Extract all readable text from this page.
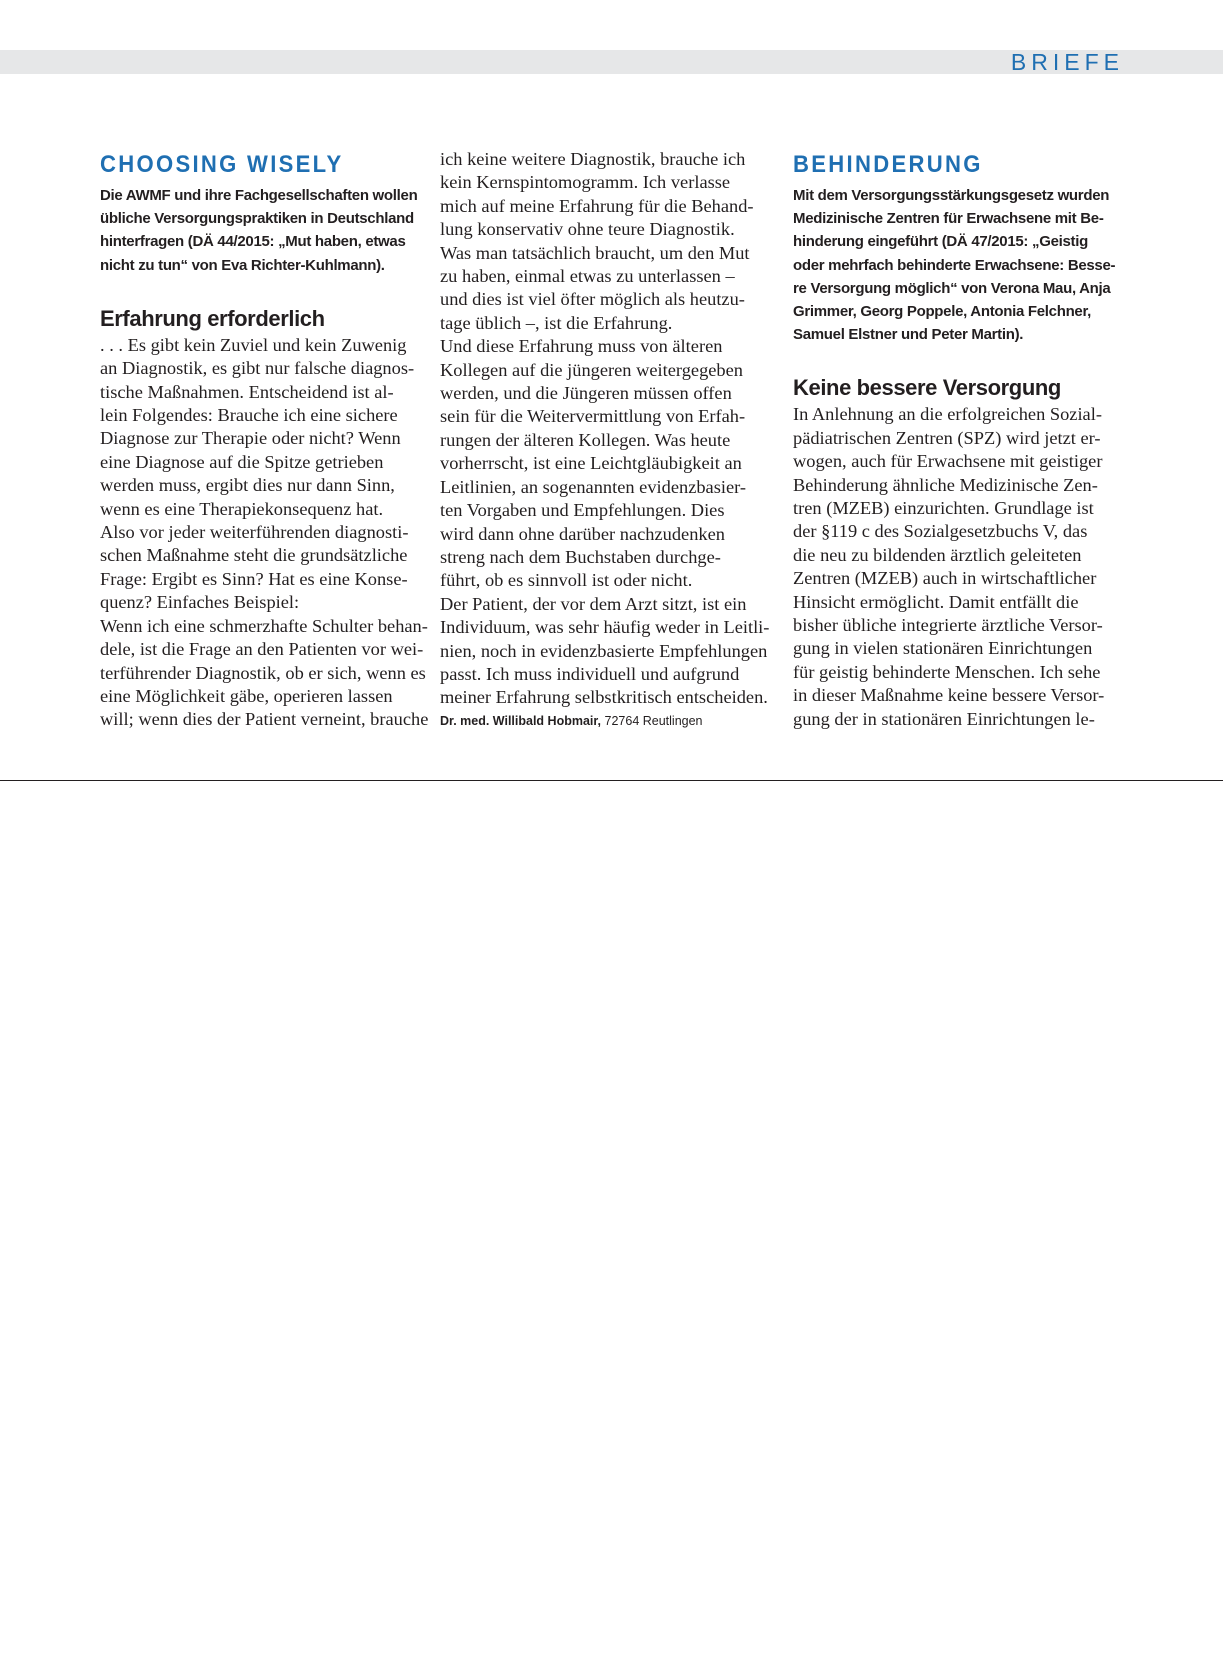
BRIEFE
CHOOSING WISELY
Die AWMF und ihre Fachgesellschaften wollen
übliche Versorgungspraktiken in Deutschland
hinterfragen (DÄ 44/2015: „Mut haben, etwas
nicht zu tun“ von Eva Richter-Kuhlmann).
Erfahrung erforderlich
. . . Es gibt kein Zuviel und kein Zuwenig
an Diagnostik, es gibt nur falsche diagnos-
tische Maßnahmen. Entscheidend ist al-
lein Folgendes: Brauche ich eine sichere
Diagnose zur Therapie oder nicht? Wenn
eine Diagnose auf die Spitze getrieben
werden muss, ergibt dies nur dann Sinn,
wenn es eine Therapiekonsequenz hat.
Also vor jeder weiterführenden diagnosti-
schen Maßnahme steht die grundsätzliche
Frage: Ergibt es Sinn? Hat es eine Konse-
quenz? Einfaches Beispiel:
Wenn ich eine schmerzhafte Schulter behan-
dele, ist die Frage an den Patienten vor wei-
terführender Diagnostik, ob er sich, wenn es
eine Möglichkeit gäbe, operieren lassen
will; wenn dies der Patient verneint, brauche
ich keine weitere Diagnostik, brauche ich
kein Kernspintomogramm. Ich verlasse
mich auf meine Erfahrung für die Behand-
lung konservativ ohne teure Diagnostik.
Was man tatsächlich braucht, um den Mut
zu haben, einmal etwas zu unterlassen –
und dies ist viel öfter möglich als heutzu-
tage üblich –, ist die Erfahrung.
Und diese Erfahrung muss von älteren
Kollegen auf die jüngeren weitergegeben
werden, und die Jüngeren müssen offen
sein für die Weitervermittlung von Erfah-
rungen der älteren Kollegen. Was heute
vorherrscht, ist eine Leichtgläubigkeit an
Leitlinien, an sogenannten evidenzbasier-
ten Vorgaben und Empfehlungen. Dies
wird dann ohne darüber nachzudenken
streng nach dem Buchstaben durchge-
führt, ob es sinnvoll ist oder nicht.
Der Patient, der vor dem Arzt sitzt, ist ein
Individuum, was sehr häufig weder in Leitli-
nien, noch in evidenzbasierte Empfehlungen
passt. Ich muss individuell und aufgrund
meiner Erfahrung selbstkritisch entscheiden.
Dr. med. Willibald Hobmair, 72764 Reutlingen
BEHINDERUNG
Mit dem Versorgungsstärkungsgesetz wurden
Medizinische Zentren für Erwachsene mit Be-
hinderung eingeführt (DÄ 47/2015: „Geistig
oder mehrfach behinderte Erwachsene: Besse-
re Versorgung möglich“ von Verona Mau, Anja
Grimmer, Georg Poppele, Antonia Felchner,
Samuel Elstner und Peter Martin).
Keine bessere Versorgung
In Anlehnung an die erfolgreichen Sozial-
pädiatrischen Zentren (SPZ) wird jetzt er-
wogen, auch für Erwachsene mit geistiger
Behinderung ähnliche Medizinische Zen-
tren (MZEB) einzurichten. Grundlage ist
der §119 c des Sozialgesetzbuchs V, das
die neu zu bildenden ärztlich geleiteten
Zentren (MZEB) auch in wirtschaftlicher
Hinsicht ermöglicht. Damit entfällt die
bisher übliche integrierte ärztliche Versor-
gung in vielen stationären Einrichtungen
für geistig behinderte Menschen. Ich sehe
in dieser Maßnahme keine bessere Versor-
gung der in stationären Einrichtungen le-
